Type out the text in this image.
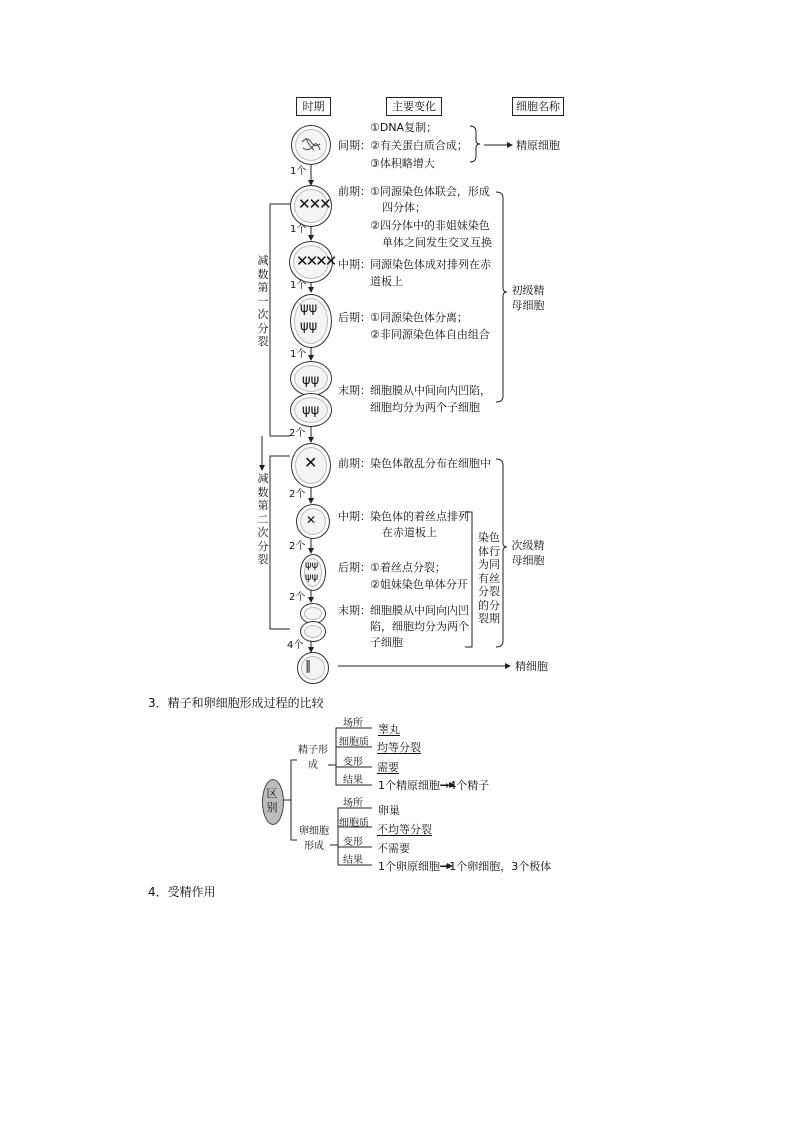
时期	主要变化	细胞名称
✕✕✕
✕✕✕✕
ψψ
ψψ
ψψ
ψψ
✕
✕
ψψ
ψψ
∥
1个
1个
1个
1个
2个
2个
2个
2个
4个
减数第一次分裂
减数第二次分裂
间期：
①DNA复制；
②有关蛋白质合成；
③体积略增大
精原细胞
前期： ①同源染色体联会，形成
四分体；
②四分体中的非姐妹染色
单体之间发生交叉互换
中期： 同源染色体成对排列在赤
道板上
后期： ①同源染色体分离；
②非同源染色体自由组合
末期： 细胞膜从中间向内凹陷，
细胞均分为两个子细胞
初级精母细胞
前期： 染色体散乱分布在细胞中
中期： 染色体的着丝点排列
在赤道板上
后期： ①着丝点分裂；
②姐妹染色单体分开
末期： 细胞膜从中间向内凹
陷，细胞均分为两个
子细胞
染色体行为同有丝分裂的分裂期
次级精母细胞
精细胞
3．精子和卵细胞形成过程的比较
区别
精子形成
卵细胞形成
场所
细胞质
变形
结果
睾丸
均等分裂
需要
1个精原细胞→4个精子
场所
细胞质
变形
结果
卵巢
不均等分裂
不需要
1个卵原细胞→1个卵细胞，3个极体
4．受精作用
